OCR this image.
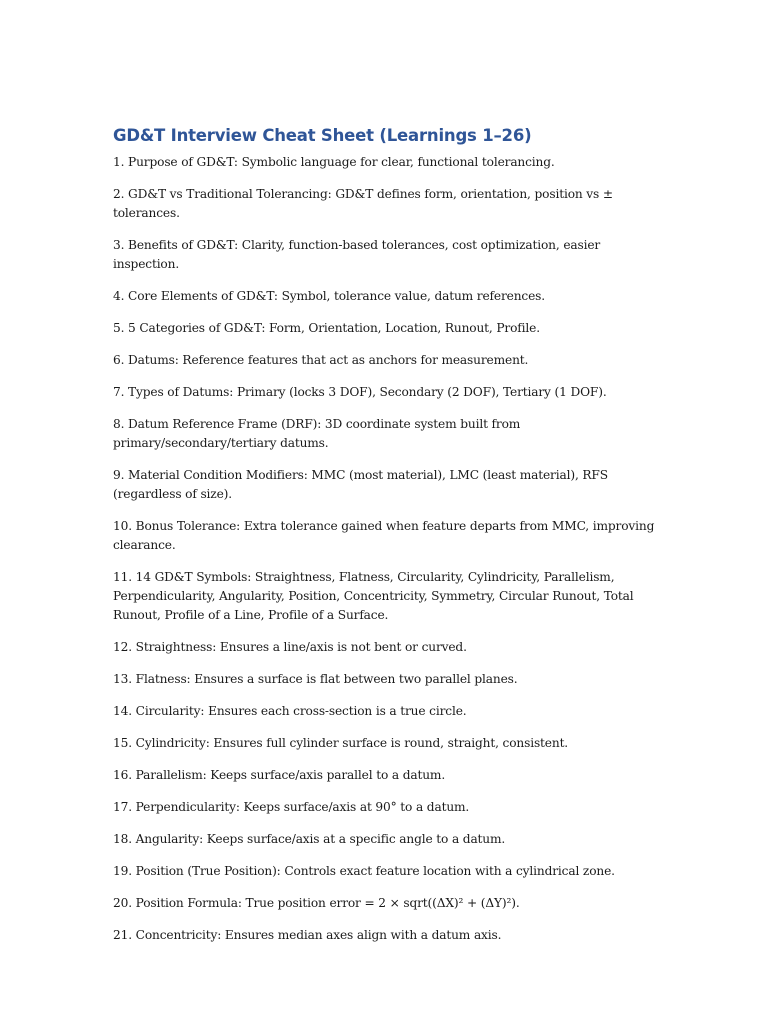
GD&T Interview Cheat Sheet (Learnings 1–26)
1. Purpose of GD&T: Symbolic language for clear, functional tolerancing.
2. GD&T vs Traditional Tolerancing: GD&T defines form, orientation, position vs ± tolerances.
3. Benefits of GD&T: Clarity, function-based tolerances, cost optimization, easier inspection.
4. Core Elements of GD&T: Symbol, tolerance value, datum references.
5. 5 Categories of GD&T: Form, Orientation, Location, Runout, Profile.
6. Datums: Reference features that act as anchors for measurement.
7. Types of Datums: Primary (locks 3 DOF), Secondary (2 DOF), Tertiary (1 DOF).
8. Datum Reference Frame (DRF): 3D coordinate system built from primary/secondary/tertiary datums.
9. Material Condition Modifiers: MMC (most material), LMC (least material), RFS (regardless of size).
10. Bonus Tolerance: Extra tolerance gained when feature departs from MMC, improving clearance.
11. 14 GD&T Symbols: Straightness, Flatness, Circularity, Cylindricity, Parallelism, Perpendicularity, Angularity, Position, Concentricity, Symmetry, Circular Runout, Total Runout, Profile of a Line, Profile of a Surface.
12. Straightness: Ensures a line/axis is not bent or curved.
13. Flatness: Ensures a surface is flat between two parallel planes.
14. Circularity: Ensures each cross-section is a true circle.
15. Cylindricity: Ensures full cylinder surface is round, straight, consistent.
16. Parallelism: Keeps surface/axis parallel to a datum.
17. Perpendicularity: Keeps surface/axis at 90° to a datum.
18. Angularity: Keeps surface/axis at a specific angle to a datum.
19. Position (True Position): Controls exact feature location with a cylindrical zone.
20. Position Formula: True position error = 2 × sqrt((ΔX)² + (ΔY)²).
21. Concentricity: Ensures median axes align with a datum axis.
